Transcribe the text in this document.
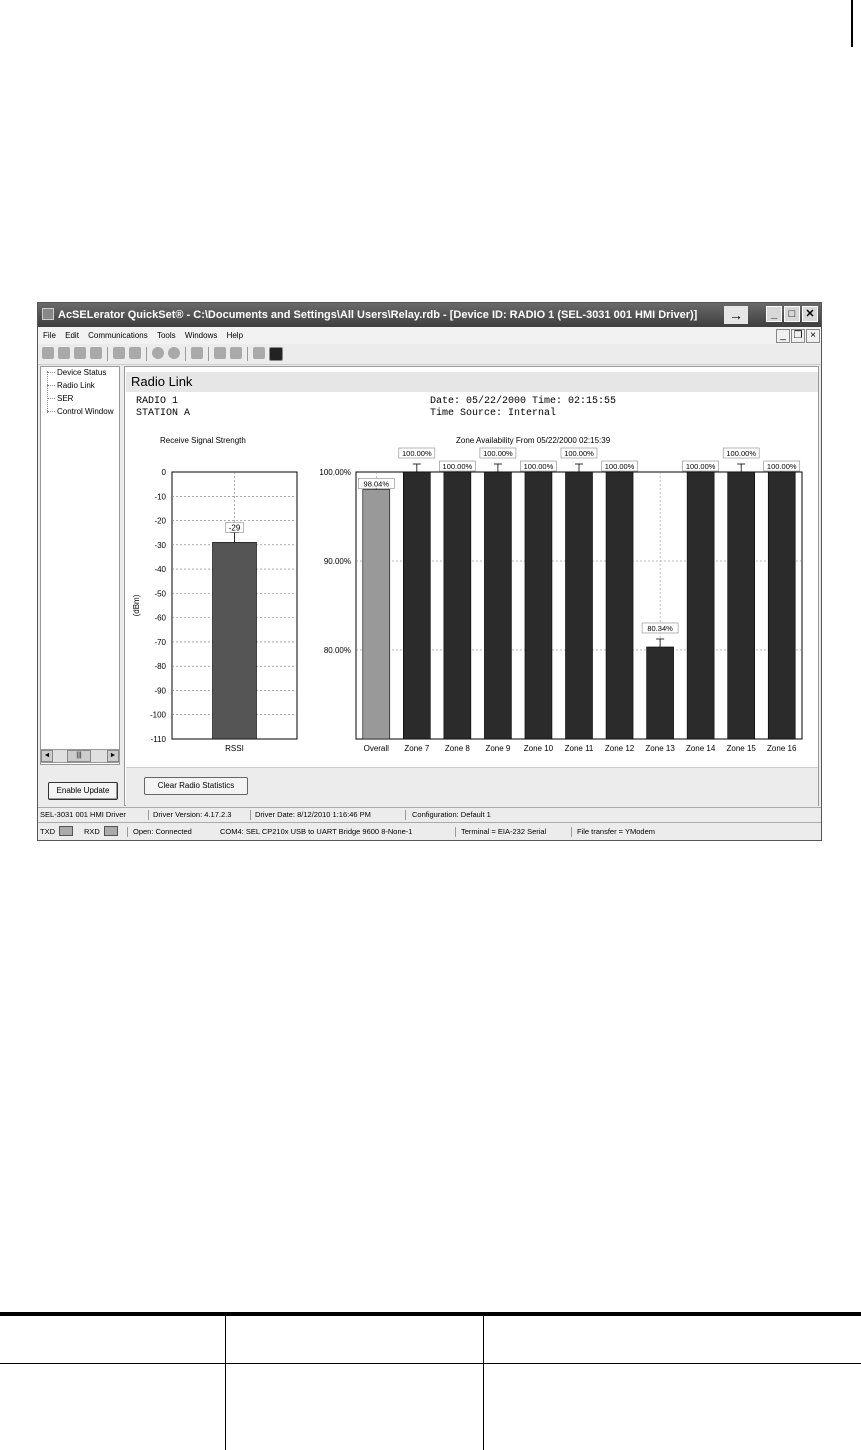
AcSELerator QuickSet® - C:\Documents and Settings\All Users\Relay.rdb - [Device ID: RADIO 1 (SEL-3031 001 HMI Driver)]	→	_	□ ✕
File Edit Communications Tools Windows Help	_ ❐ ×
Device Status
Radio Link
SER
Control Window
◄	|||	►
Enable Update
Radio Link
RADIO 1
STATION A
Date: 05/22/2000 Time: 02:15:55
Time Source: Internal
Receive Signal Strength	Zone Availability From 05/22/2000 02:15:39
0
-10
-20
-30
-40
-50
-60
-70
-80
-90
-100
-110
-29
RSSI
(dBm)
100.00%
90.00%
80.00%
98.04%
Overall
100.00%
Zone 7
100.00%
Zone 8
100.00%
Zone 9
100.00%
Zone 10
100.00%
Zone 11
100.00%
Zone 12
80.34%
Zone 13
100.00%
Zone 14
100.00%
Zone 15
100.00%
Zone 16
Clear Radio Statistics
SEL-3031 001 HMI Driver	Driver Version: 4.17.2.3	Driver Date: 8/12/2010 1:16:46 PM	Configuration: Default 1
TXD	RXD	Open: Connected	COM4: SEL CP210x USB to UART Bridge 9600 8-None-1	Terminal = EIA-232 Serial	File transfer = YModem
